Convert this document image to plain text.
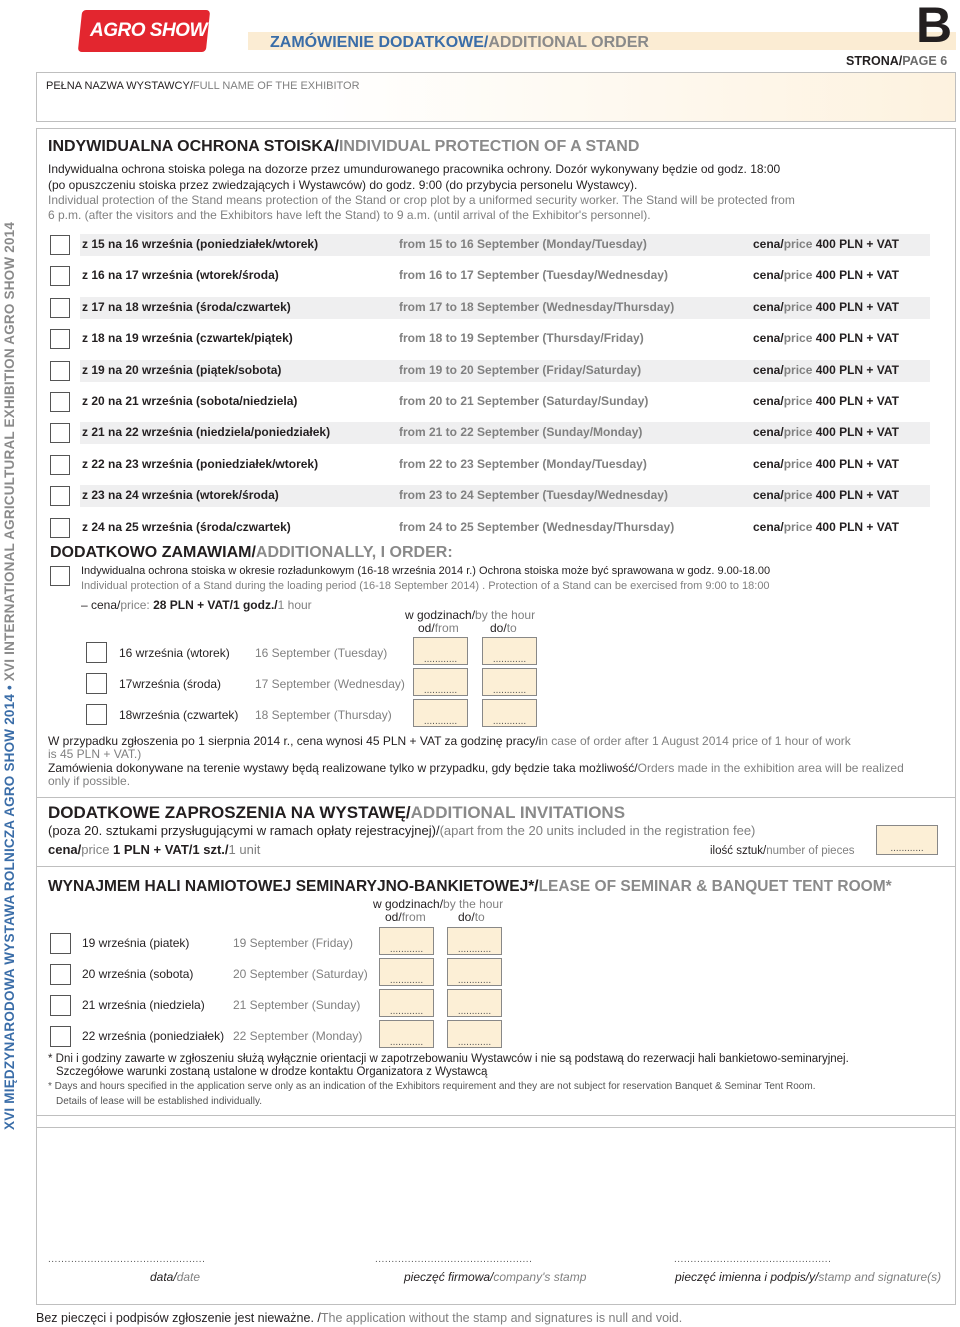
AGRO SHOW
ZAMÓWIENIE DODATKOWE/ADDITIONAL ORDER	B
STRONA/PAGE 6
PEŁNA NAZWA WYSTAWCY/FULL NAME OF THE EXHIBITOR
XVI MIĘDZYNARODOWA WYSTAWA ROLNICZA AGRO SHOW 2014 • XVI INTERNATIONAL AGRICULTURAL EXHIBITION AGRO SHOW 2014
INDYWIDUALNA OCHRONA STOISKA/INDIVIDUAL PROTECTION OF A STAND
Indywidualna ochrona stoiska polega na dozorze przez umundurowanego pracownika ochrony. Dozór wykonywany będzie od godz. 18:00
(po opuszczeniu stoiska przez zwiedzających i Wystawców) do godz. 9:00 (do przybycia personelu Wystawcy).
Individual protection of the Stand means protection of the Stand or crop plot by a uniformed security worker. The Stand will be protected from
6 p.m. (after the visitors and the Exhibitors have left the Stand) to 9 a.m. (until arrival of the Exhibitor's personnel).
z 15 na 16 września (poniedziałek/wtorek)	from 15 to 16 September (Monday/Tuesday)	cena/price 400 PLN + VAT
z 16 na 17 września (wtorek/środa)	from 16 to 17 September (Tuesday/Wednesday)	cena/price 400 PLN + VAT
z 17 na 18 września (środa/czwartek)	from 17 to 18 September (Wednesday/Thursday)	cena/price 400 PLN + VAT
z 18 na 19 września (czwartek/piątek)	from 18 to 19 September (Thursday/Friday)	cena/price 400 PLN + VAT
z 19 na 20 września (piątek/sobota)	from 19 to 20 September (Friday/Saturday)	cena/price 400 PLN + VAT
z 20 na 21 września (sobota/niedziela)	from 20 to 21 September (Saturday/Sunday)	cena/price 400 PLN + VAT
z 21 na 22 września (niedziela/poniedziałek)	from 21 to 22 September (Sunday/Monday)	cena/price 400 PLN + VAT
z 22 na 23 września (poniedziałek/wtorek)	from 22 to 23 September (Monday/Tuesday)	cena/price 400 PLN + VAT
z 23 na 24 września (wtorek/środa)	from 23 to 24 September (Tuesday/Wednesday)	cena/price 400 PLN + VAT
z 24 na 25 września (środa/czwartek)	from 24 to 25 September (Wednesday/Thursday)	cena/price 400 PLN + VAT
DODATKOWO ZAMAWIAM/ADDITIONALLY, I ORDER:
Indywidualna ochrona stoiska w okresie rozładunkowym (16-18 września 2014 r.) Ochrona stoiska może być sprawowana w godz. 9.00-18.00
Individual protection of a Stand during the loading period (16-18 September 2014) . Protection of a Stand can be exercised from 9:00 to 18:00
– cena/price: 28 PLN + VAT/1 godz./1 hour
w godzinach/by the hour
od/from	do/to
16 września (wtorek) 16 September (Tuesday)	............	............
17września (środa)	17 September (Wednesday)	............	............
18września (czwartek) 18 September (Thursday)	............	............
W przypadku zgłoszenia po 1 sierpnia 2014 r., cena wynosi 45 PLN + VAT za godzinę pracy/in case of order after 1 August 2014 price of 1 hour of work
is 45 PLN + VAT.)
Zamówienia dokonywane na terenie wystawy będą realizowane tylko w przypadku, gdy będzie taka możliwość/Orders made in the exhibition area will be realized
only if possible.
DODATKOWE ZAPROSZENIA NA WYSTAWĘ/ADDITIONAL INVITATIONS
(poza 20. sztukami przysługującymi w ramach opłaty rejestracyjnej)/(apart from the 20 units included in the registration fee)
cena/price 1 PLN + VAT/1 szt./1 unit	ilość sztuk/number of pieces	............
WYNAJMEM HALI NAMIOTOWEJ SEMINARYJNO-BANKIETOWEJ*/LEASE OF SEMINAR & BANQUET TENT ROOM*
w godzinach/by the hour
od/from	do/to
19 września (piatek)	19 September (Friday)	............	............
20 września (sobota)	20 September (Saturday)	............	............
21 września (niedziela) 21 September (Sunday)	............	............
22 września (poniedziałek) 22 September (Monday)	............	............
* Dni i godziny zawarte w zgłoszeniu służą wyłącznie orientacji w zapotrzebowaniu Wystawców i nie są podstawą do rezerwacji hali bankietowo-seminaryjnej.
Szczegółowe warunki zostaną ustalone w drodze kontaktu Organizatora z Wystawcą
* Days and hours specified in the application serve only as an indication of the Exhibitors requirement and they are not subject for reservation Banquet & Seminar Tent Room.
Details of lease will be established individually.
................................................
data/date
................................................
pieczęć firmowa/company's stamp
................................................
pieczęć imienna i podpis/y/stamp and signature(s)
Bez pieczęci i podpisów zgłoszenie jest nieważne. /The application without the stamp and signatures is null and void.
